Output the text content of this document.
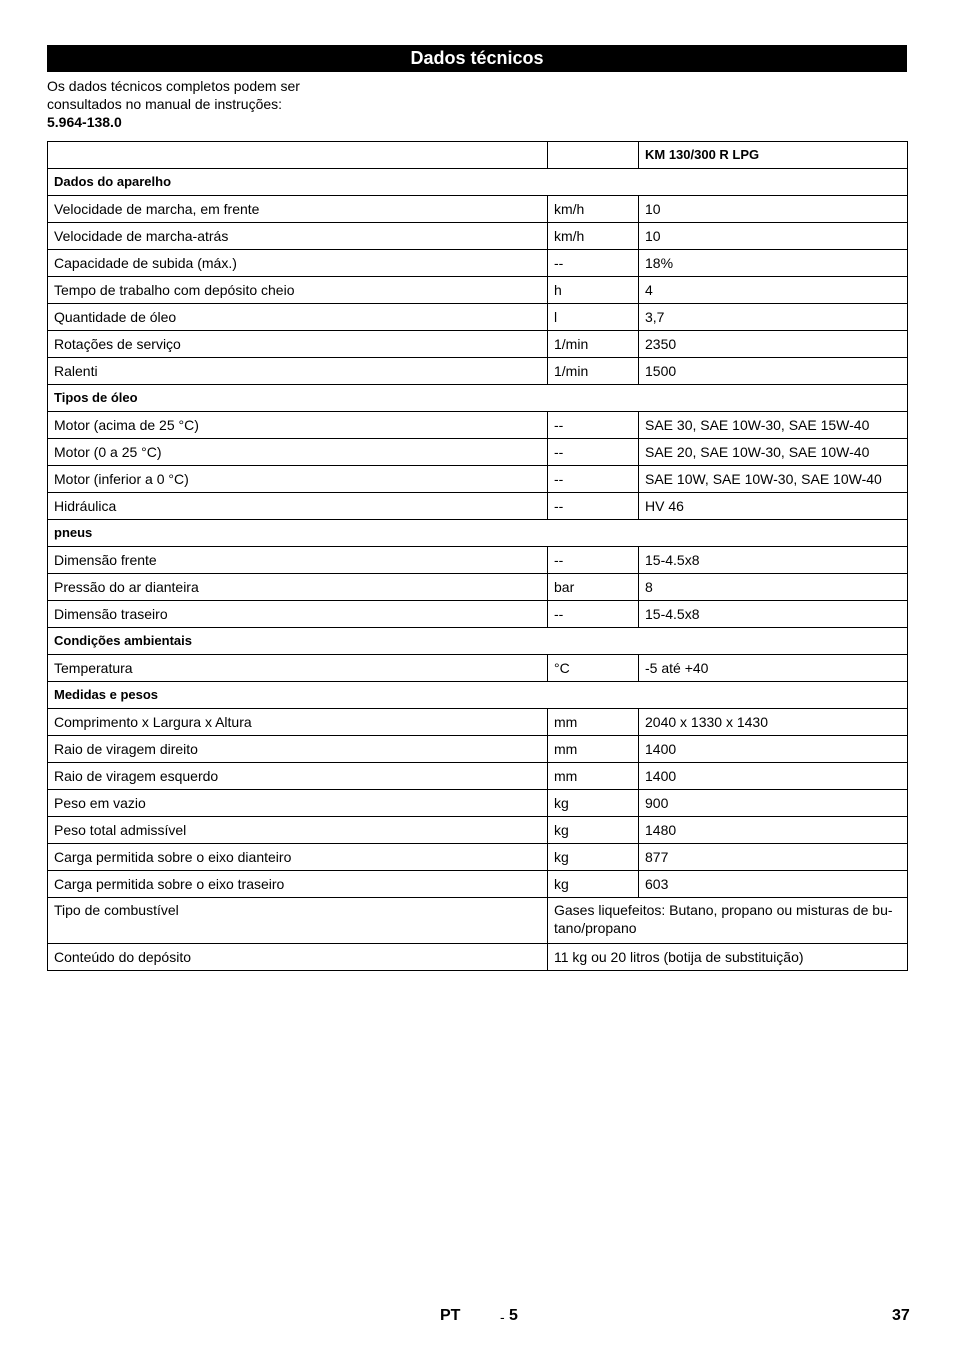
Dados técnicos
Os dados técnicos completos podem ser
consultados no manual de instruções:
5.964-138.0
		KM 130/300 R LPG
Dados do aparelho		
Velocidade de marcha, em frente	km/h	10
Velocidade de marcha-atrás	km/h	10
Capacidade de subida (máx.)	--	18%
Tempo de trabalho com depósito cheio	h	4
Quantidade de óleo	l	3,7
Rotações de serviço	1/min	2350
Ralenti	1/min	1500
Tipos de óleo		
Motor (acima de 25 °C)	--	SAE 30, SAE 10W-30, SAE 15W-40
Motor (0 a 25 °C)	--	SAE 20, SAE 10W-30, SAE 10W-40
Motor (inferior a 0 °C)	--	SAE 10W, SAE 10W-30, SAE 10W-40
Hidráulica	--	HV 46
pneus		
Dimensão frente	--	15-4.5x8
Pressão do ar dianteira	bar	8
Dimensão traseiro	--	15-4.5x8
Condições ambientais		
Temperatura	°C	-5 até +40
Medidas e pesos		
Comprimento x Largura x Altura	mm	2040 x 1330 x 1430
Raio de viragem direito	mm	1400
Raio de viragem esquerdo	mm	1400
Peso em vazio	kg	900
Peso total admissível	kg	1480
Carga permitida sobre o eixo dianteiro	kg	877
Carga permitida sobre o eixo traseiro	kg	603
Tipo de combustível	Gases liquefeitos: Butano, propano ou misturas de bu-
tano/propano	

Conteúdo do depósito	11 kg ou 20 litros (botija de substituição)	
PT	- 5	37
